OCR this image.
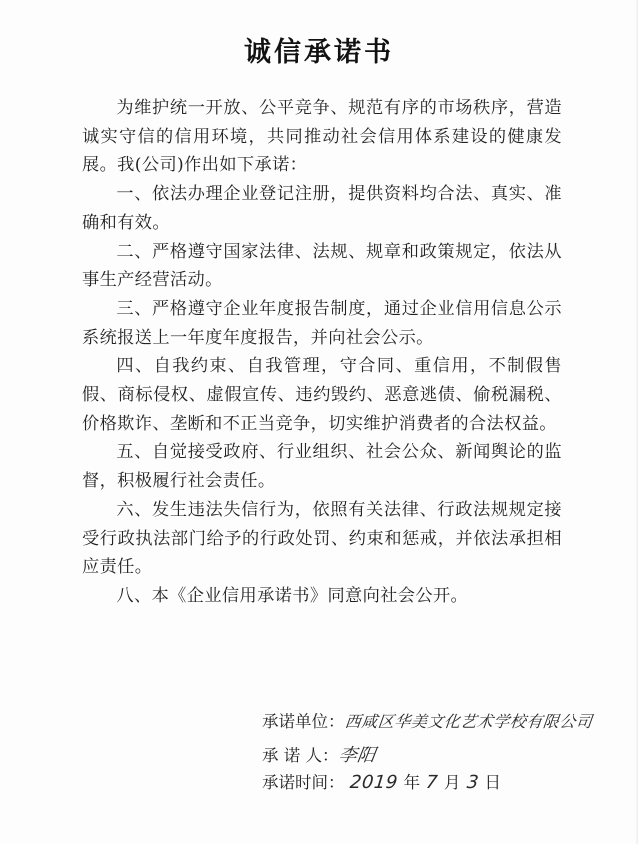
诚信承诺书

为维护统一开放、公平竞争、规范有序的市场秩序，营造诚实守信的信用环境，共同推动社会信用体系建设的健康发展。我(公司)作出如下承诺：

一、依法办理企业登记注册，提供资料均合法、真实、准确和有效。

二、严格遵守国家法律、法规、规章和政策规定，依法从事生产经营活动。

三、严格遵守企业年度报告制度，通过企业信用信息公示系统报送上一年度年度报告，并向社会公示。

四、自我约束、自我管理，守合同、重信用，不制假售假、商标侵权、虚假宣传、违约毁约、恶意逃债、偷税漏税、价格欺诈、垄断和不正当竞争，切实维护消费者的合法权益。

五、自觉接受政府、行业组织、社会公众、新闻舆论的监督，积极履行社会责任。

六、发生违法失信行为，依照有关法律、行政法规规定接受行政执法部门给予的行政处罚、约束和惩戒，并依法承担相应责任。

八、本《企业信用承诺书》同意向社会公开。

承诺单位：西咸区华美文化艺术学校有限公司
承 诺 人：李阳
承诺时间： 2019 年 7 月 3 日
